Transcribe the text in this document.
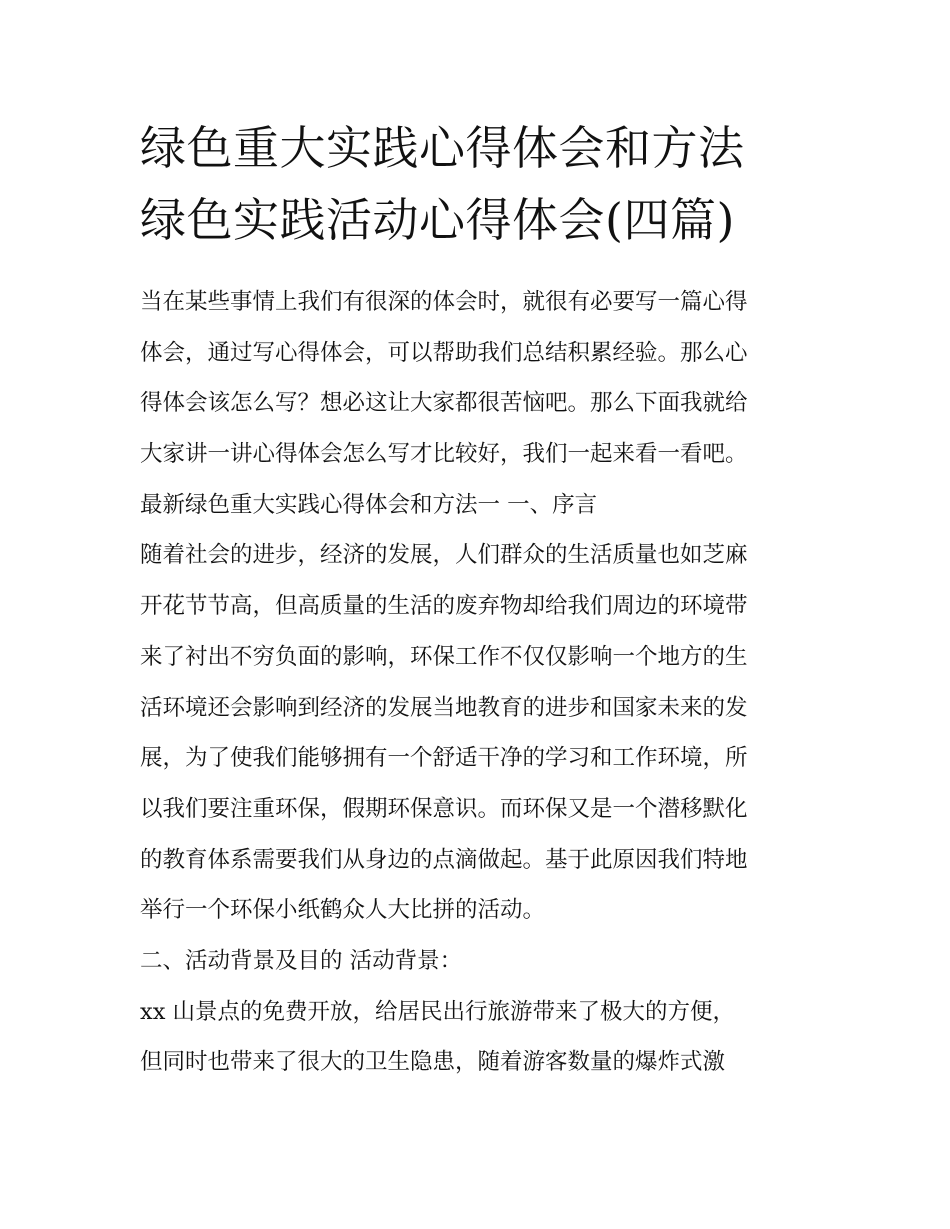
绿色重大实践心得体会和方法
绿色实践活动心得体会(四篇)
当在某些事情上我们有很深的体会时，就很有必要写一篇心得
体会，通过写心得体会，可以帮助我们总结积累经验。那么心
得体会该怎么写？想必这让大家都很苦恼吧。那么下面我就给
大家讲一讲心得体会怎么写才比较好，我们一起来看一看吧。
最新绿色重大实践心得体会和方法一 一、序言
随着社会的进步，经济的发展，人们群众的生活质量也如芝麻
开花节节高，但高质量的生活的废弃物却给我们周边的环境带
来了衬出不穷负面的影响，环保工作不仅仅影响一个地方的生
活环境还会影响到经济的发展当地教育的进步和国家未来的发
展，为了使我们能够拥有一个舒适干净的学习和工作环境，所
以我们要注重环保，假期环保意识。而环保又是一个潜移默化
的教育体系需要我们从身边的点滴做起。基于此原因我们特地
举行一个环保小纸鹤众人大比拼的活动。
二、活动背景及目的 活动背景：
xx 山景点的免费开放，给居民出行旅游带来了极大的方便，
但同时也带来了很大的卫生隐患，随着游客数量的爆炸式激
